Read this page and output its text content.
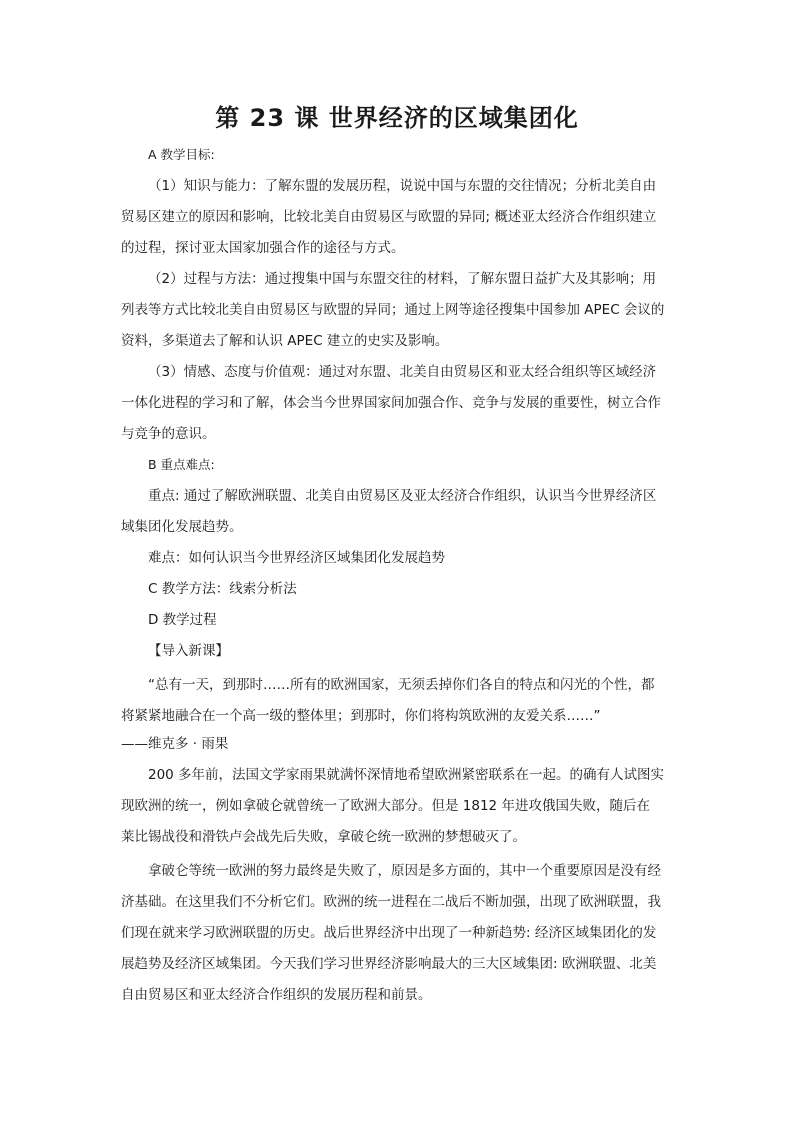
第 23 课 世界经济的区域集团化
A 教学目标:
（1）知识与能力：了解东盟的发展历程，说说中国与东盟的交往情况；分析北美自由
贸易区建立的原因和影响，比较北美自由贸易区与欧盟的异同; 概述亚太经济合作组织建立
的过程，探讨亚太国家加强合作的途径与方式。
（2）过程与方法：通过搜集中国与东盟交往的材料，了解东盟日益扩大及其影响；用
列表等方式比较北美自由贸易区与欧盟的异同；通过上网等途径搜集中国参加 APEC 会议的
资料，多渠道去了解和认识 APEC 建立的史实及影响。
（3）情感、态度与价值观：通过对东盟、北美自由贸易区和亚太经合组织等区域经济
一体化进程的学习和了解，体会当今世界国家间加强合作、竞争与发展的重要性，树立合作
与竞争的意识。
B 重点难点:
重点: 通过了解欧洲联盟、北美自由贸易区及亚太经济合作组织，认识当今世界经济区
域集团化发展趋势。
难点：如何认识当今世界经济区域集团化发展趋势
C 教学方法：线索分析法
D 教学过程
【导入新课】
“总有一天，到那时……所有的欧洲国家，无须丢掉你们各自的特点和闪光的个性，都
将紧紧地融合在一个高一级的整体里；到那时，你们将构筑欧洲的友爱关系……”
——维克多 · 雨果
200 多年前，法国文学家雨果就满怀深情地希望欧洲紧密联系在一起。的确有人试图实
现欧洲的统一，例如拿破仑就曾统一了欧洲大部分。但是 1812 年进攻俄国失败，随后在
莱比锡战役和滑铁卢会战先后失败，拿破仑统一欧洲的梦想破灭了。
拿破仑等统一欧洲的努力最终是失败了，原因是多方面的，其中一个重要原因是没有经
济基础。在这里我们不分析它们。欧洲的统一进程在二战后不断加强，出现了欧洲联盟，我
们现在就来学习欧洲联盟的历史。战后世界经济中出现了一种新趋势: 经济区域集团化的发
展趋势及经济区域集团。今天我们学习世界经济影响最大的三大区域集团: 欧洲联盟、北美
自由贸易区和亚太经济合作组织的发展历程和前景。
